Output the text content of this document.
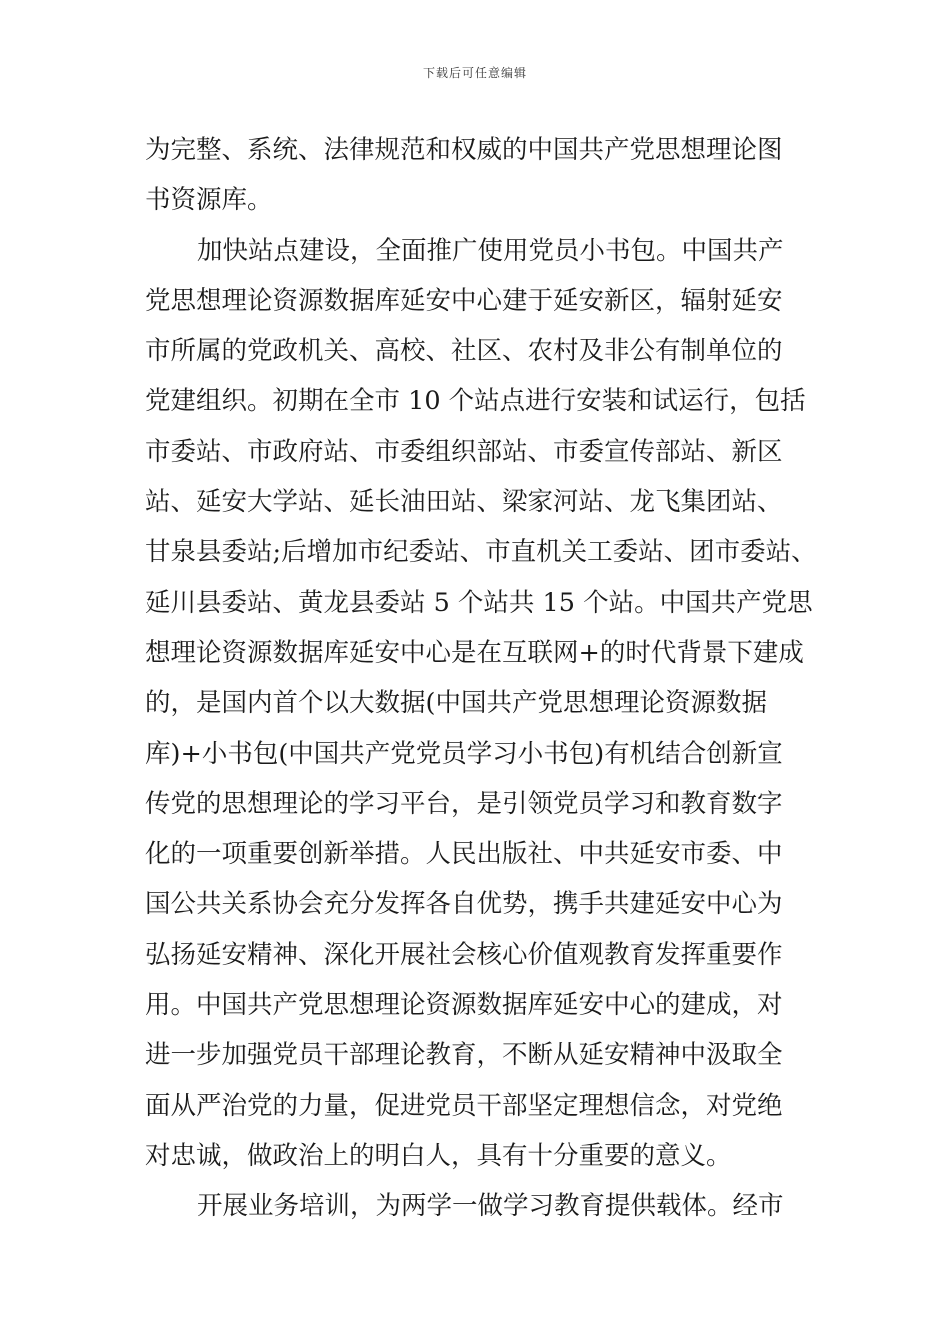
下载后可任意编辑
为完整、系统、法律规范和权威的中国共产党思想理论图
书资源库。
加快站点建设，全面推广使用党员小书包。中国共产
党思想理论资源数据库延安中心建于延安新区，辐射延安
市所属的党政机关、高校、社区、农村及非公有制单位的
党建组织。初期在全市 10 个站点进行安装和试运行，包括
市委站、市政府站、市委组织部站、市委宣传部站、新区
站、延安大学站、延长油田站、梁家河站、龙飞集团站、
甘泉县委站;后增加市纪委站、市直机关工委站、团市委站、
延川县委站、黄龙县委站 5 个站共 15 个站。中国共产党思
想理论资源数据库延安中心是在互联网+的时代背景下建成
的，是国内首个以大数据(中国共产党思想理论资源数据
库)+小书包(中国共产党党员学习小书包)有机结合创新宣
传党的思想理论的学习平台，是引领党员学习和教育数字
化的一项重要创新举措。人民出版社、中共延安市委、中
国公共关系协会充分发挥各自优势，携手共建延安中心为
弘扬延安精神、深化开展社会核心价值观教育发挥重要作
用。中国共产党思想理论资源数据库延安中心的建成，对
进一步加强党员干部理论教育，不断从延安精神中汲取全
面从严治党的力量，促进党员干部坚定理想信念，对党绝
对忠诚，做政治上的明白人，具有十分重要的意义。
开展业务培训，为两学一做学习教育提供载体。经市
